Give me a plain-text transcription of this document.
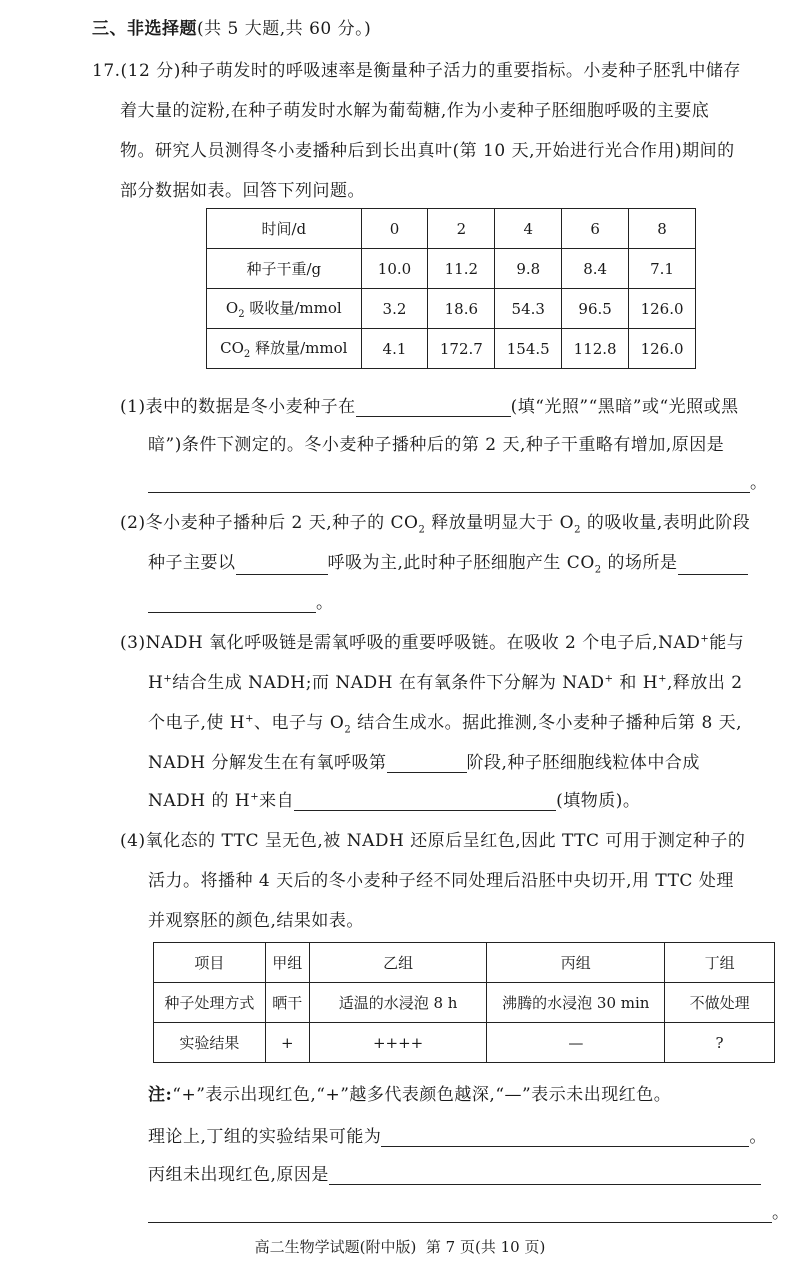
三、非选择题(共 5 大题,共 60 分。)
17.(12 分)种子萌发时的呼吸速率是衡量种子活力的重要指标。小麦种子胚乳中储存
着大量的淀粉,在种子萌发时水解为葡萄糖,作为小麦种子胚细胞呼吸的主要底
物。研究人员测得冬小麦播种后到长出真叶(第 10 天,开始进行光合作用)期间的
部分数据如表。回答下列问题。
时间/d	0	2	4	6	8
种子干重/g	10.0	11.2	9.8	8.4	7.1
$O_2$ 吸收量/mmol	3.2	18.6	54.3	96.5	126.0
$CO_2$ 释放量/mmol	4.1	172.7	154.5	112.8	126.0
(1)表中的数据是冬小麦种子在	(填“光照”“黑暗”或“光照或黑
暗”)条件下测定的。冬小麦种子播种后的第 2 天,种子干重略有增加,原因是
。
(2)冬小麦种子播种后 2 天,种子的 $CO_2$ 释放量明显大于 $O_2$ 的吸收量,表明此阶段
种子主要以	呼吸为主,此时种子胚细胞产生 $CO_2$ 的场所是
。
(3)NADH 氧化呼吸链是需氧呼吸的重要呼吸链。在吸收 2 个电子后,NAD+能与
H+结合生成 NADH;而 NADH 在有氧条件下分解为 NAD+ 和 H+,释放出 2
个电子,使 H+、电子与 $O_2$ 结合生成水。据此推测,冬小麦种子播种后第 8 天,
NADH 分解发生在有氧呼吸第	阶段,种子胚细胞线粒体中合成
NADH 的 H+来自	(填物质)。
(4)氧化态的 TTC 呈无色,被 NADH 还原后呈红色,因此 TTC 可用于测定种子的
活力。将播种 4 天后的冬小麦种子经不同处理后沿胚中央切开,用 TTC 处理
并观察胚的颜色,结果如表。
项目	甲组	乙组	丙组	丁组
种子处理方式	晒干	适温的水浸泡 8 h	沸腾的水浸泡 30 min	不做处理
实验结果	+	++++	—	?
注:“+”表示出现红色,“+”越多代表颜色越深,“—”表示未出现红色。
理论上,丁组的实验结果可能为	。
丙组未出现红色,原因是
。
高二生物学试题(附中版)  第 7 页(共 10 页)
